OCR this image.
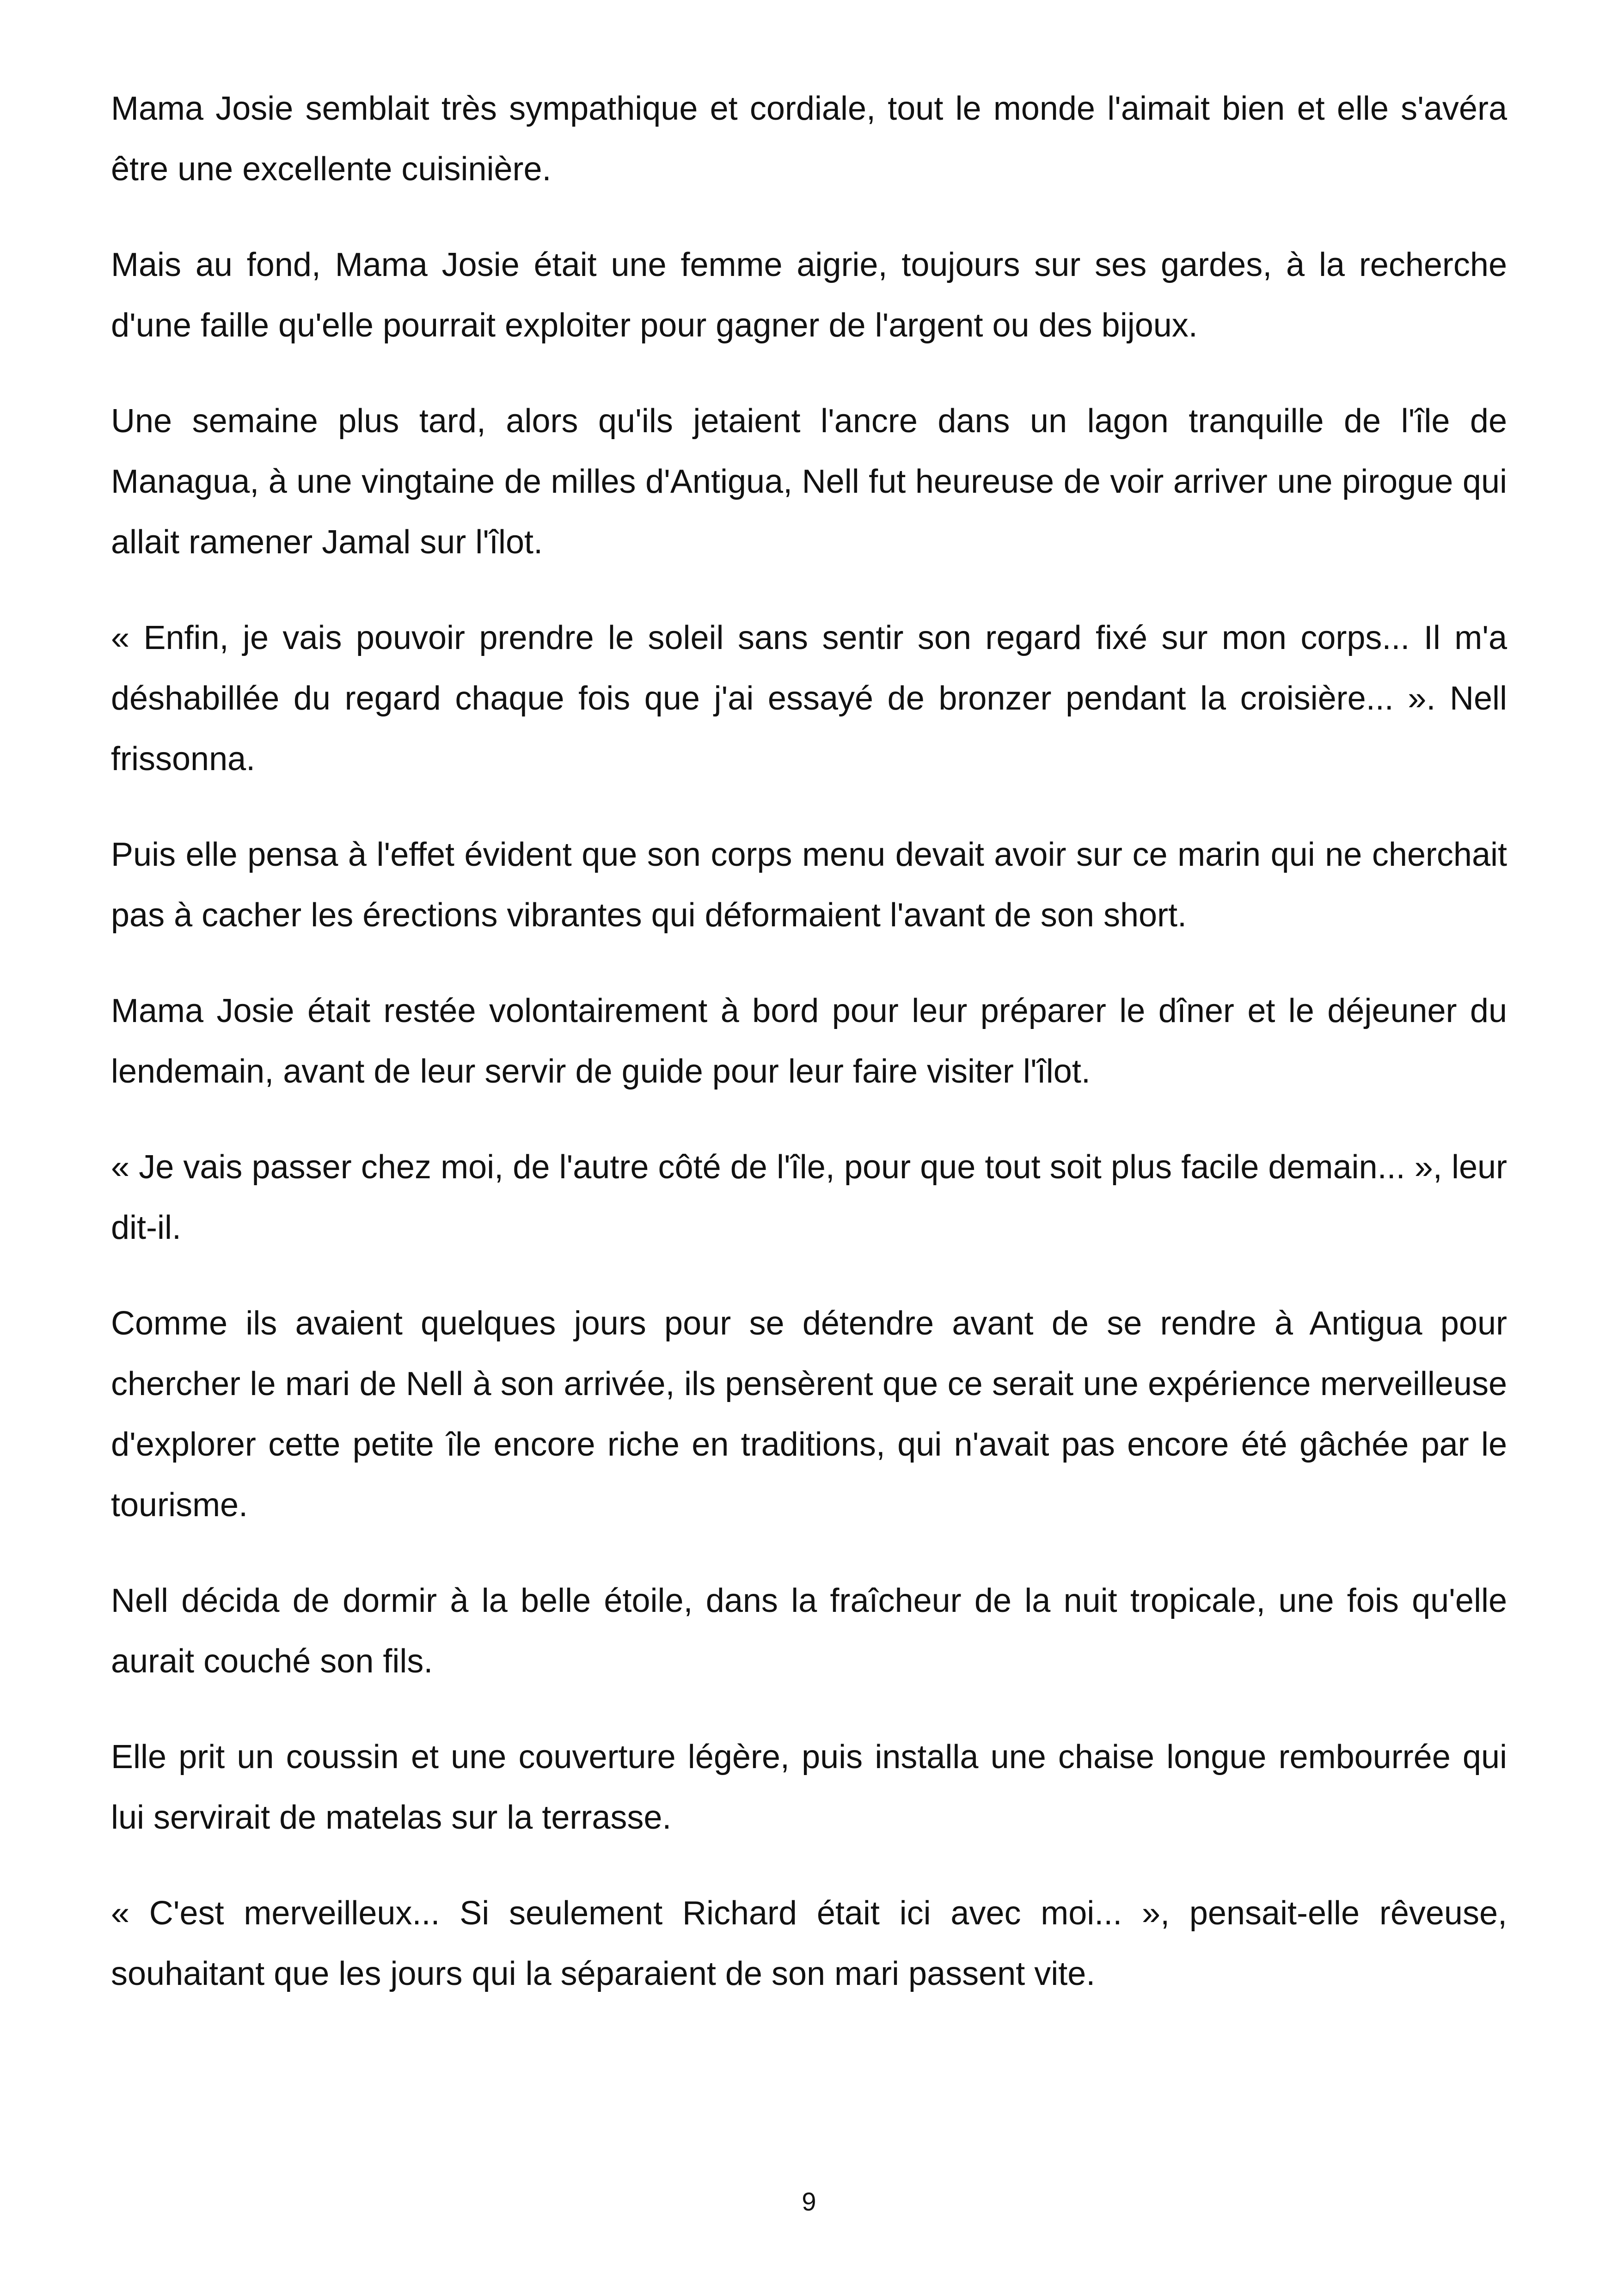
Mama Josie semblait très sympathique et cordiale, tout le monde l'aimait bien et elle s'avéra être une excellente cuisinière.

Mais au fond, Mama Josie était une femme aigrie, toujours sur ses gardes, à la recherche d'une faille qu'elle pourrait exploiter pour gagner de l'argent ou des bijoux.

Une semaine plus tard, alors qu'ils jetaient l'ancre dans un lagon tranquille de l'île de Managua, à une vingtaine de milles d'Antigua, Nell fut heureuse de voir arriver une pirogue qui allait ramener Jamal sur l'îlot.

« Enfin, je vais pouvoir prendre le soleil sans sentir son regard fixé sur mon corps... Il m'a déshabillée du regard chaque fois que j'ai essayé de bronzer pendant la croisière... ». Nell frissonna.

Puis elle pensa à l'effet évident que son corps menu devait avoir sur ce marin qui ne cherchait pas à cacher les érections vibrantes qui déformaient l'avant de son short.

Mama Josie était restée volontairement à bord pour leur préparer le dîner et le déjeuner du lendemain, avant de leur servir de guide pour leur faire visiter l'îlot.

« Je vais passer chez moi, de l'autre côté de l'île, pour que tout soit plus facile demain... », leur dit-il.

Comme ils avaient quelques jours pour se détendre avant de se rendre à Antigua pour chercher le mari de Nell à son arrivée, ils pensèrent que ce serait une expérience merveilleuse d'explorer cette petite île encore riche en traditions, qui n'avait pas encore été gâchée par le tourisme.

Nell décida de dormir à la belle étoile, dans la fraîcheur de la nuit tropicale, une fois qu'elle aurait couché son fils.

Elle prit un coussin et une couverture légère, puis installa une chaise longue rembourrée qui lui servirait de matelas sur la terrasse.

« C'est merveilleux... Si seulement Richard était ici avec moi... », pensait-elle rêveuse, souhaitant que les jours qui la séparaient de son mari passent vite.

9
